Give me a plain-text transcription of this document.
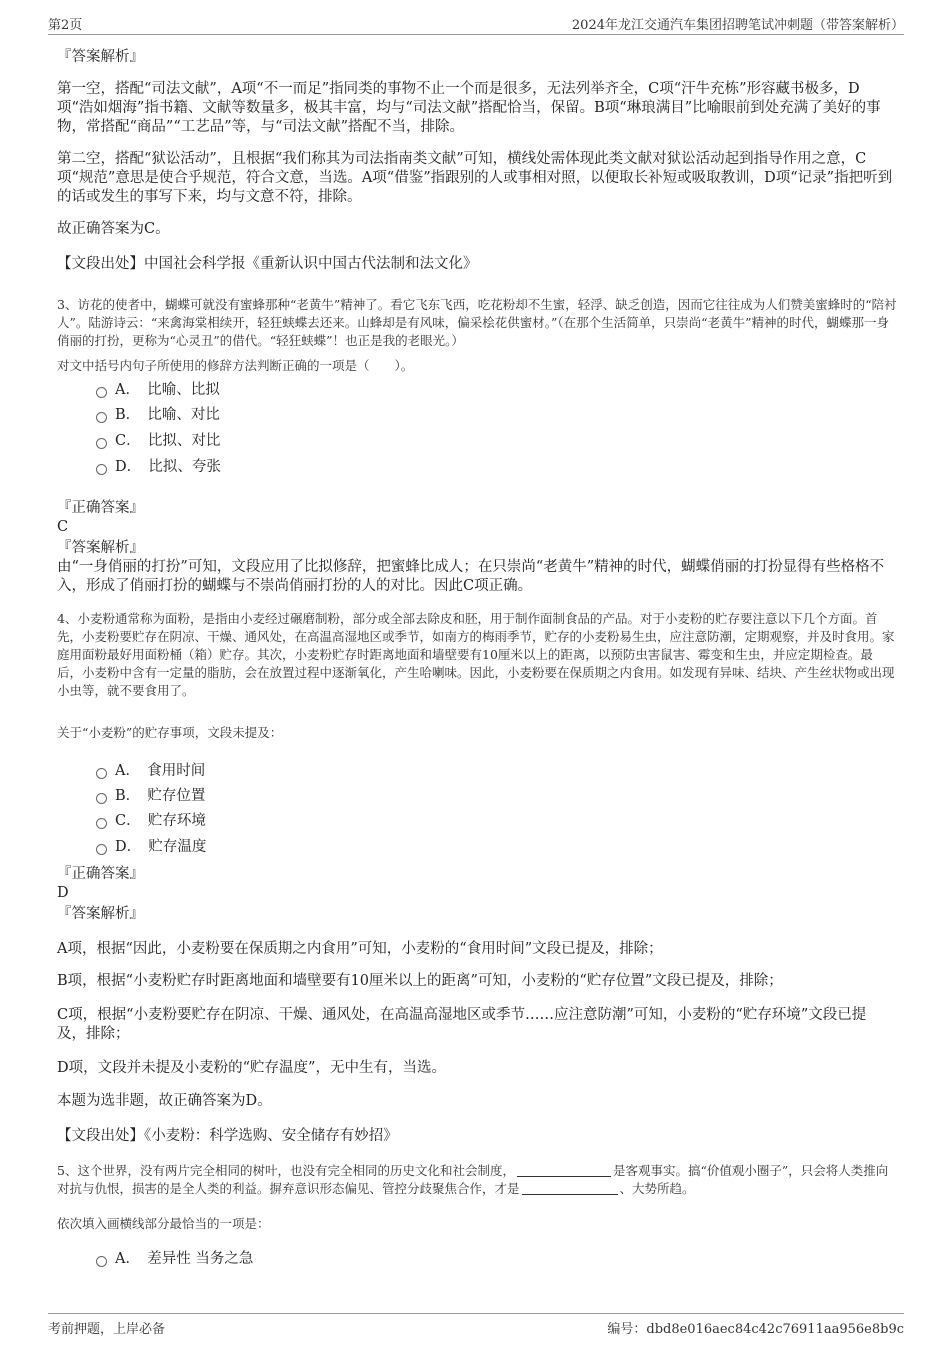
第2页	2024年龙江交通汽车集团招聘笔试冲刺题（带答案解析）
『答案解析』
第一空，搭配“司法文献”，A项“不一而足”指同类的事物不止一个而是很多，无法列举齐全，C项“汗牛充栋”形容藏书极多，D项“浩如烟海”指书籍、文献等数量多，极其丰富，均与“司法文献”搭配恰当，保留。B项“琳琅满目”比喻眼前到处充满了美好的事物，常搭配“商品”“工艺品”等，与“司法文献”搭配不当，排除。
第二空，搭配“狱讼活动”，且根据“我们称其为司法指南类文献”可知，横线处需体现此类文献对狱讼活动起到指导作用之意，C项“规范”意思是使合乎规范，符合文意，当选。A项“借鉴”指跟别的人或事相对照，以便取长补短或吸取教训，D项“记录”指把听到的话或发生的事写下来，均与文意不符，排除。
故正确答案为C。
【文段出处】中国社会科学报《重新认识中国古代法制和法文化》
3、访花的使者中，蝴蝶可就没有蜜蜂那种“老黄牛”精神了。看它飞东飞西，吃花粉却不生蜜，轻浮、缺乏创造，因而它往往成为人们赞美蜜蜂时的“陪衬人”。陆游诗云：“来禽海棠相续开，轻狂蛱蝶去还来。山蜂却是有风味，偏采桧花供蜜材。”（在那个生活简单，只崇尚“老黄牛”精神的时代，蝴蝶那一身俏丽的打扮，更称为“心灵丑”的借代。“轻狂蛱蝶”！也正是我的老眼光。）
对文中括号内句子所使用的修辞方法判断正确的一项是（　　）。
A．　比喻、比拟
B．　比喻、对比
C．　比拟、对比
D．　比拟、夸张
『正确答案』
C
『答案解析』
由“一身俏丽的打扮”可知，文段应用了比拟修辞，把蜜蜂比成人；在只崇尚“老黄牛”精神的时代，蝴蝶俏丽的打扮显得有些格格不入，形成了俏丽打扮的蝴蝶与不崇尚俏丽打扮的人的对比。因此C项正确。
4、小麦粉通常称为面粉，是指由小麦经过碾磨制粉，部分或全部去除皮和胚，用于制作面制食品的产品。对于小麦粉的贮存要注意以下几个方面。首先，小麦粉要贮存在阴凉、干燥、通风处，在高温高湿地区或季节，如南方的梅雨季节，贮存的小麦粉易生虫，应注意防潮，定期观察，并及时食用。家庭用面粉最好用面粉桶（箱）贮存。其次，小麦粉贮存时距离地面和墙壁要有10厘米以上的距离，以预防虫害鼠害、霉变和生虫，并应定期检查。最后，小麦粉中含有一定量的脂肪，会在放置过程中逐渐氧化，产生哈喇味。因此，小麦粉要在保质期之内食用。如发现有异味、结块、产生丝状物或出现小虫等，就不要食用了。
关于“小麦粉”的贮存事项，文段未提及：
A．　食用时间
B．　贮存位置
C．　贮存环境
D．　贮存温度
『正确答案』
D
『答案解析』
A项，根据“因此，小麦粉要在保质期之内食用”可知，小麦粉的“食用时间”文段已提及，排除；
B项，根据“小麦粉贮存时距离地面和墙壁要有10厘米以上的距离”可知，小麦粉的“贮存位置”文段已提及，排除；
C项，根据“小麦粉要贮存在阴凉、干燥、通风处，在高温高湿地区或季节……应注意防潮”可知，小麦粉的“贮存环境”文段已提及，排除；
D项，文段并未提及小麦粉的“贮存温度”，无中生有，当选。
本题为选非题，故正确答案为D。
【文段出处】《小麦粉：科学选购、安全储存有妙招》
5、这个世界，没有两片完全相同的树叶，也没有完全相同的历史文化和社会制度，	是客观事实。搞“价值观小圈子”，只会将人类推向对抗与仇恨，损害的是全人类的利益。摒弃意识形态偏见、管控分歧聚焦合作，才是	、大势所趋。
依次填入画横线部分最恰当的一项是：
A．　差异性 当务之急
考前押题，上岸必备	编号：dbd8e016aec84c42c76911aa956e8b9c
